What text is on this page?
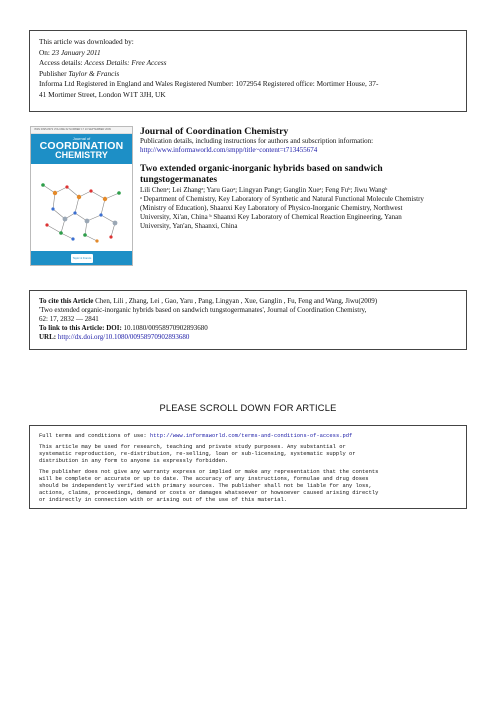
This article was downloaded by:
On: 23 January 2011
Access details: Access Details: Free Access
Publisher Taylor & Francis
Informa Ltd Registered in England and Wales Registered Number: 1072954 Registered office: Mortimer House, 37-
41 Mortimer Street, London W1T 3JH, UK
ISSN 0095-8972 VOLUME 62 NUMBER 17 10 SEPTEMBER 2009
Journal of
COORDINATION
CHEMISTRY
Taylor & Francis
Journal of Coordination Chemistry
Publication details, including instructions for authors and subscription information:
http://www.informaworld.com/smpp/title~content=t713455674
Two extended organic-inorganic hybrids based on sandwich
tungstogermanates
Lili Chenᵃ; Lei Zhangᵃ; Yaru Gaoᵃ; Lingyan Pangᵃ; Ganglin Xueᵃ; Feng Fuᵇ; Jiwu Wangᵇ
ᵃ Department of Chemistry, Key Laboratory of Synthetic and Natural Functional Molecule Chemistry
(Ministry of Education), Shaanxi Key Laboratory of Physico-Inorganic Chemistry, Northwest
University, Xi'an, China ᵇ Shaanxi Key Laboratory of Chemical Reaction Engineering, Yanan
University, Yan'an, Shaanxi, China
To cite this Article Chen, Lili , Zhang, Lei , Gao, Yaru , Pang, Lingyan , Xue, Ganglin , Fu, Feng and Wang, Jiwu(2009)
'Two extended organic-inorganic hybrids based on sandwich tungstogermanates', Journal of Coordination Chemistry,
62: 17, 2832 — 2841
To link to this Article: DOI: 10.1080/00958970902893680
URL: http://dx.doi.org/10.1080/00958970902893680
PLEASE SCROLL DOWN FOR ARTICLE

Full terms and conditions of use: http://www.informaworld.com/terms-and-conditions-of-access.pdf

This article may be used for research, teaching and private study purposes. Any substantial or
systematic reproduction, re-distribution, re-selling, loan or sub-licensing, systematic supply or
distribution in any form to anyone is expressly forbidden.

The publisher does not give any warranty express or implied or make any representation that the contents
will be complete or accurate or up to date. The accuracy of any instructions, formulae and drug doses
should be independently verified with primary sources. The publisher shall not be liable for any loss,
actions, claims, proceedings, demand or costs or damages whatsoever or howsoever caused arising directly
or indirectly in connection with or arising out of the use of this material.
